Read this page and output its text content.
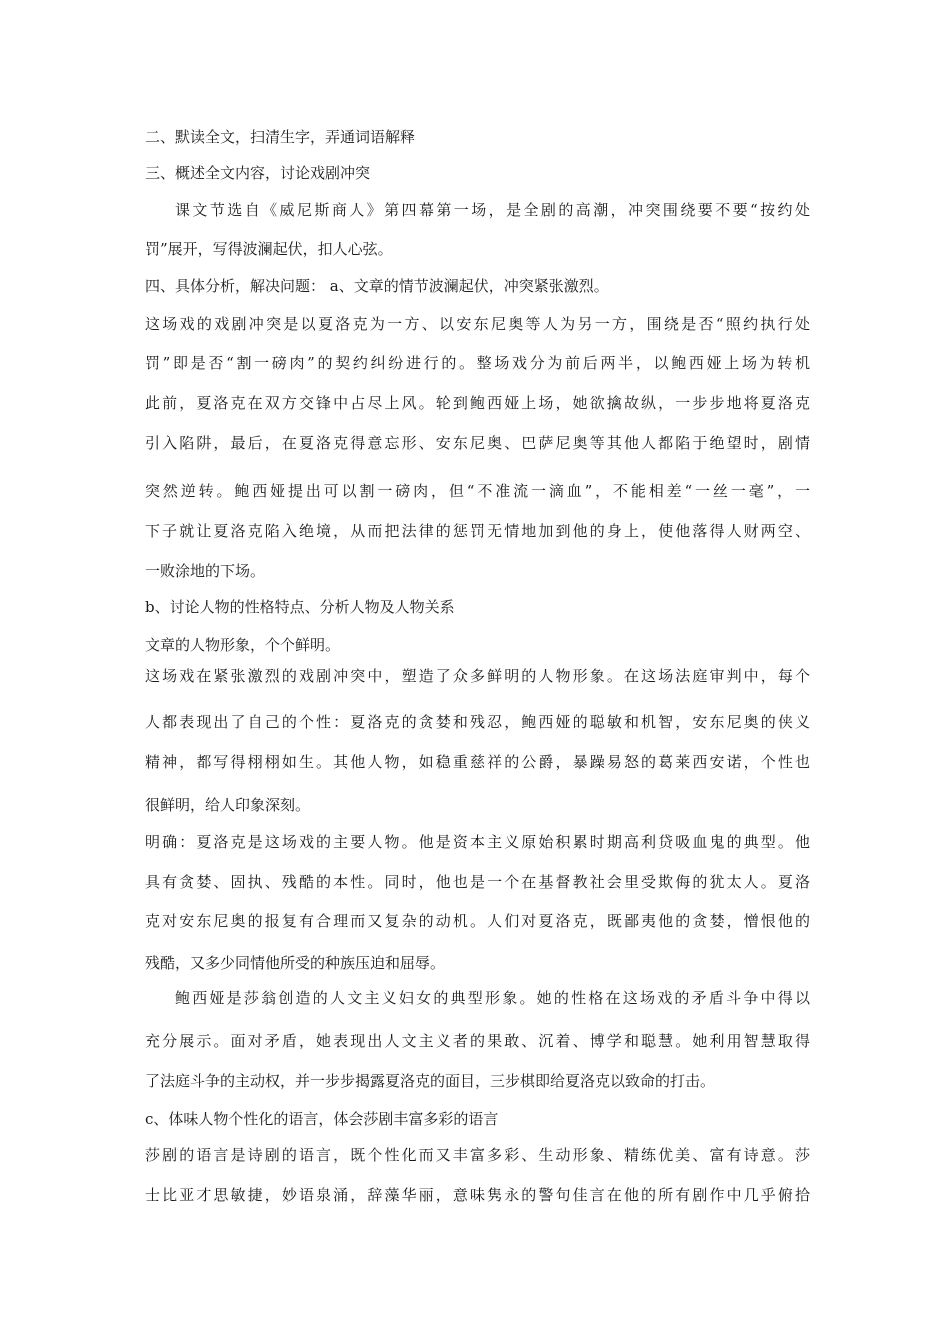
二、默读全文，扫清生字，弄通词语解释
三、概述全文内容，讨论戏剧冲突
课文节选自《威尼斯商人》第四幕第一场，是全剧的高潮，冲突围绕要不要“按约处
罚”展开，写得波澜起伏，扣人心弦。
四、具体分析，解决问题： a、文章的情节波澜起伏，冲突紧张激烈。
这场戏的戏剧冲突是以夏洛克为一方、以安东尼奥等人为另一方，围绕是否“照约执行处
罚”即是否“割一磅肉”的契约纠纷进行的。整场戏分为前后两半，以鲍西娅上场为转机
此前，夏洛克在双方交锋中占尽上风。轮到鲍西娅上场，她欲擒故纵，一步步地将夏洛克
引入陷阱，最后，在夏洛克得意忘形、安东尼奥、巴萨尼奥等其他人都陷于绝望时，剧情
突然逆转。鲍西娅提出可以割一磅肉，但“不准流一滴血”，不能相差“一丝一毫”，一
下子就让夏洛克陷入绝境，从而把法律的惩罚无情地加到他的身上，使他落得人财两空、
一败涂地的下场。
b、讨论人物的性格特点、分析人物及人物关系
文章的人物形象，个个鲜明。
这场戏在紧张激烈的戏剧冲突中，塑造了众多鲜明的人物形象。在这场法庭审判中，每个
人都表现出了自己的个性：夏洛克的贪婪和残忍，鲍西娅的聪敏和机智，安东尼奥的侠义
精神，都写得栩栩如生。其他人物，如稳重慈祥的公爵，暴躁易怒的葛莱西安诺，个性也
很鲜明，给人印象深刻。
明确：夏洛克是这场戏的主要人物。他是资本主义原始积累时期高利贷吸血鬼的典型。他
具有贪婪、固执、残酷的本性。同时，他也是一个在基督教社会里受欺侮的犹太人。夏洛
克对安东尼奥的报复有合理而又复杂的动机。人们对夏洛克，既鄙夷他的贪婪，憎恨他的
残酷，又多少同情他所受的种族压迫和屈辱。
鲍西娅是莎翁创造的人文主义妇女的典型形象。她的性格在这场戏的矛盾斗争中得以
充分展示。面对矛盾，她表现出人文主义者的果敢、沉着、博学和聪慧。她利用智慧取得
了法庭斗争的主动权，并一步步揭露夏洛克的面目，三步棋即给夏洛克以致命的打击。
c、体味人物个性化的语言，体会莎剧丰富多彩的语言
莎剧的语言是诗剧的语言，既个性化而又丰富多彩、生动形象、精练优美、富有诗意。莎
士比亚才思敏捷，妙语泉涌，辞藻华丽，意味隽永的警句佳言在他的所有剧作中几乎俯拾
